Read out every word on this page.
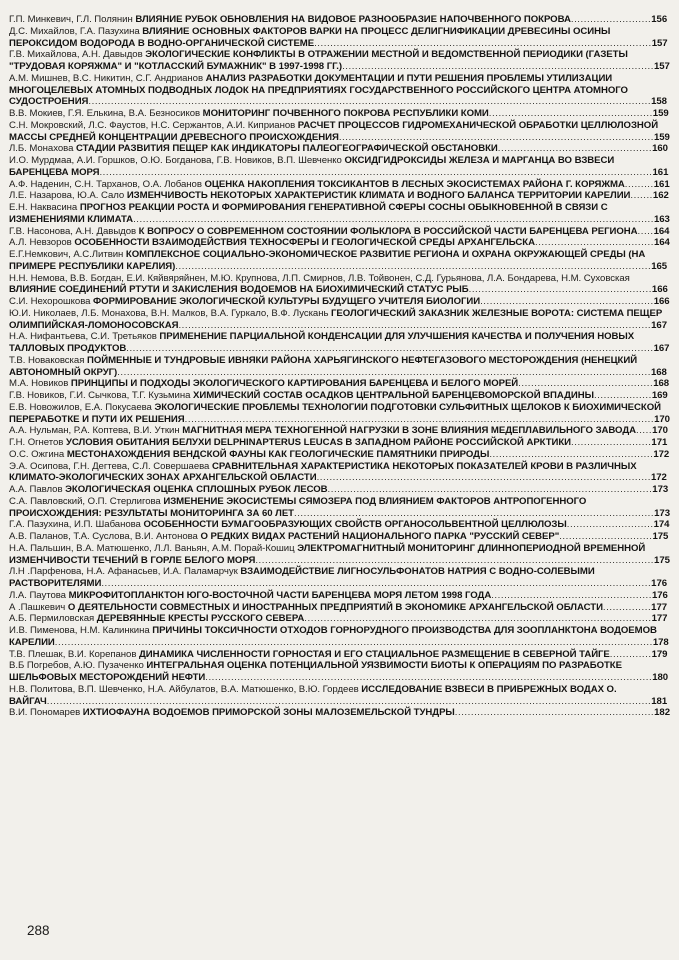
Г.П. Минкевич, Г.Л. Полянин ВЛИЯНИЕ РУБОК ОБНОВЛЕНИЯ НА ВИДОВОЕ РАЗНООБРАЗИЕ НАПОЧВЕННОГО ПОКРОВА.........................156
Д.С. Михайлов, Г.А. Пазухина ВЛИЯНИЕ ОСНОВНЫХ ФАКТОРОВ ВАРКИ НА ПРОЦЕСС ДЕЛИГНИФИКАЦИИ ДРЕВЕСИНЫ ОСИНЫ ПЕРОКСИДОМ ВОДОРОДА В ВОДНО-ОРГАНИЧЕСКОЙ СИСТЕМЕ.........................................................................................................157
Г.В. Михайлова, А.Н. Давыдов ЭКОЛОГИЧЕСКИЕ КОНФЛИКТЫ В ОТРАЖЕНИИ МЕСТНОЙ И ВЕДОМСТВЕННОЙ ПЕРИОДИКИ (ГАЗЕТЫ "ТРУДОВАЯ КОРЯЖМА" И "КОТЛАССКИЙ БУМАЖНИК" В 1997-1998 ГГ.).................................................................................................157
А.М. Мишнев, В.С. Никитин, С.Г. Андрианов АНАЛИЗ РАЗРАБОТКИ ДОКУМЕНТАЦИИ И ПУТИ РЕШЕНИЯ ПРОБЛЕМЫ УТИЛИЗАЦИИ МНОГОЦЕЛЕВЫХ АТОМНЫХ ПОДВОДНЫХ ЛОДОК НА ПРЕДПРИЯТИЯХ ГОСУДАРСТВЕННОГО РОССИЙСКОГО ЦЕНТРА АТОМНОГО СУДОСТРОЕНИЯ...............................................................................................................................................................................158
В.В. Мокиев, Г.Я. Елькина, В.А. Безносиков МОНИТОРИНГ ПОЧВЕННОГО ПОКРОВА РЕСПУБЛИКИ КОМИ...................................................159
С.Н. Мокровский, Л.С. Фаустов, Н.С. Сержантов, А.И. Киприанов РАСЧЕТ ПРОЦЕССОВ ГИДРОМЕХАНИЧЕСКОЙ ОБРАБОТКИ ЦЕЛЛЮЛОЗНОЙ МАССЫ СРЕДНЕЙ КОНЦЕНТРАЦИИ ДРЕВЕСНОГО ПРОИСХОЖДЕНИЯ..................................................................................................159
Л.Б. Монахова СТАДИИ РАЗВИТИЯ ПЕЩЕР КАК ИНДИКАТОРЫ ПАЛЕОГЕОГРАФИЧЕСКОЙ ОБСТАНОВКИ................................................160
И.О. Мурдмаа, А.И. Горшков, О.Ю. Богданова, Г.В. Новиков, В.П. Шевченко ОКСИДГИДРОКСИДЫ ЖЕЛЕЗА И МАРГАНЦА ВО ВЗВЕСИ БАРЕНЦЕВА МОРЯ............................................................................................................................................................................161
А.Ф. Наденин, С.Н. Тарханов, О.А. Лобанов ОЦЕНКА НАКОПЛЕНИЯ ТОКСИКАНТОВ В ЛЕСНЫХ ЭКОСИСТЕМАХ РАЙОНА Г. КОРЯЖМА.........161
Л.Е. Назарова, Ю.А. Сало ИЗМЕНЧИВОСТЬ НЕКОТОРЫХ ХАРАКТЕРИСТИК КЛИМАТА И ВОДНОГО БАЛАНСА ТЕРРИТОРИИ КАРЕЛИИ.......162
Е.Н. Наквасина ПРОГНОЗ РЕАКЦИИ РОСТА И ФОРМИРОВАНИЯ ГЕНЕРАТИВНОЙ СФЕРЫ СОСНЫ ОБЫКНОВЕННОЙ В СВЯЗИ С ИЗМЕНЕНИЯМИ КЛИМАТА..................................................................................................................................................................163
Г.В. Насонова, А.Н. Давыдов К ВОПРОСУ О СОВРЕМЕННОМ СОСТОЯНИИ ФОЛЬКЛОРА В РОССИЙСКОЙ ЧАСТИ БАРЕНЦЕВА РЕГИОНА.....164
А.Л. Невзоров ОСОБЕННОСТИ ВЗАИМОДЕЙСТВИЯ ТЕХНОСФЕРЫ И ГЕОЛОГИЧЕСКОЙ СРЕДЫ АРХАНГЕЛЬСКА.....................................164
Е.Г.Немкович, А.С.Литвин КОМПЛЕКСНОЕ СОЦИАЛЬНО-ЭКОНОМИЧЕСКОЕ РАЗВИТИЕ РЕГИОНА И ОХРАНА ОКРУЖАЮЩЕЙ СРЕДЫ (НА ПРИМЕРЕ РЕСПУБЛИКИ КАРЕЛИЯ)....................................................................................................................................................165
Н.Н. Немова, В.В. Богдан, Е.И. Кяйвяряйнен, М.Ю. Крупнова, Л.П. Смирнов, Л.В. Тойвонен, С.Д. Гурьянова, Л.А. Бондарева, Н.М. Суховская ВЛИЯНИЕ СОЕДИНЕНИЙ РТУТИ И ЗАКИСЛЕНИЯ ВОДОЕМОВ НА БИОХИМИЧЕСКИЙ СТАТУС РЫБ.........................................................166
С.И. Нехорошкова ФОРМИРОВАНИЕ ЭКОЛОГИЧЕСКОЙ КУЛЬТУРЫ БУДУЩЕГО УЧИТЕЛЯ БИОЛОГИИ......................................................166
Ю.И. Николаев, Л.Б. Монахова, В.Н. Малков, В.А. Гуркало, В.Ф. Лускань ГЕОЛОГИЧЕСКИЙ ЗАКАЗНИК ЖЕЛЕЗНЫЕ ВОРОТА: СИСТЕМА ПЕЩЕР ОЛИМПИЙСКАЯ-ЛОМОНОСОВСКАЯ...................................................................................................................................................167
Н.А. Нифантьева, С.И. Третьяков ПРИМЕНЕНИЕ ПАРЦИАЛЬНОЙ КОНДЕНСАЦИИ ДЛЯ УЛУЧШЕНИЯ КАЧЕСТВА И ПОЛУЧЕНИЯ НОВЫХ ТАЛЛОВЫХ ПРОДУКТОВ....................................................................................................................................................................167
Т.В. Новаковская ПОЙМЕННЫЕ И ТУНДРОВЫЕ ИВНЯКИ РАЙОНА ХАРЬЯГИНСКОГО НЕФТЕГАЗОВОГО МЕСТОРОЖДЕНИЯ (НЕНЕЦКИЙ АВТОНОМНЫЙ ОКРУГ)......................................................................................................................................................................168
М.А. Новиков ПРИНЦИПЫ И ПОДХОДЫ ЭКОЛОГИЧЕСКОГО КАРТИРОВАНИЯ БАРЕНЦЕВА И БЕЛОГО МОРЕЙ..........................................168
Г.В. Новиков, Г.И. Сычкова, Т.Г. Кузьмина ХИМИЧЕСКИЙ СОСТАВ ОСАДКОВ ЦЕНТРАЛЬНОЙ БАРЕНЦЕВОМОРСКОЙ ВПАДИНЫ..................169
Е.В. Новожилов, Е.А. Покусаева ЭКОЛОГИЧЕСКИЕ ПРОБЛЕМЫ ТЕХНОЛОГИИ ПОДГОТОВКИ СУЛЬФИТНЫХ ЩЕЛОКОВ К БИОХИМИЧЕСКОЙ ПЕРЕРАБОТКЕ И ПУТИ ИХ РЕШЕНИЯ..................................................................................................................................................170
А.А. Нульман, Р.А. Коптева, В.И. Уткин МАГНИТНАЯ МЕРА ТЕХНОГЕННОЙ НАГРУЗКИ В ЗОНЕ ВЛИЯНИЯ МЕДЕПЛАВИЛЬНОГО ЗАВОДА.....170
Г.Н. Огнетов УСЛОВИЯ ОБИТАНИЯ БЕЛУХИ DELPHINAPTERUS LEUCAS В ЗАПАДНОМ РАЙОНЕ РОССИЙСКОЙ АРКТИКИ.........................171
О.С. Ожгина МЕСТОНАХОЖДЕНИЯ ВЕНДСКОЙ ФАУНЫ КАК ГЕОЛОГИЧЕСКИЕ ПАМЯТНИКИ ПРИРОДЫ...................................................172
Э.А. Осипова, Г.Н. Дегтева, С.Л. Совершаева СРАВНИТЕЛЬНАЯ ХАРАКТЕРИСТИКА НЕКОТОРЫХ ПОКАЗАТЕЛЕЙ КРОВИ В РАЗЛИЧНЫХ КЛИМАТО-ЭКОЛОГИЧЕСКИХ ЗОНАХ АРХАНГЕЛЬСКОЙ ОБЛАСТИ........................................................................................................172
А.А. Павлов ЭКОЛОГИЧЕСКАЯ ОЦЕНКА СПЛОШНЫХ РУБОК ЛЕСОВ.....................................................................................................173
С.А. Павловский, О.П. Стерлигова ИЗМЕНЕНИЕ ЭКОСИСТЕМЫ СЯМОЗЕРА ПОД ВЛИЯНИЕМ ФАКТОРОВ АНТРОПОГЕННОГО ПРОИСХОЖДЕНИЯ: РЕЗУЛЬТАТЫ МОНИТОРИНГА ЗА 60 ЛЕТ................................................................................................................173
Г.А. Пазухина, И.П. Шабанова ОСОБЕННОСТИ БУМАГООБРАЗУЮЩИХ СВОЙСТВ ОРГАНОСОЛЬВЕНТНОЙ ЦЕЛЛЮЛОЗЫ...........................174
А.В. Паланов, Т.А. Суслова, В.И. Антонова О РЕДКИХ ВИДАХ РАСТЕНИЙ НАЦИОНАЛЬНОГО ПАРКА "РУССКИЙ СЕВЕР".............................175
Н.А. Пальшин, В.А. Матюшенко, Л.Л. Ваньян, А.М. Порай-Кошиц ЭЛЕКТРОМАГНИТНЫЙ МОНИТОРИНГ ДЛИННОПЕРИОДНОЙ ВРЕМЕННОЙ ИЗМЕНЧИВОСТИ ТЕЧЕНИЙ В ГОРЛЕ БЕЛОГО МОРЯ............................................................................................................................175
Л.Н .Парфенова, Н.А. Афанасьев, И.А. Паламарчук ВЗАИМОДЕЙСТВИЕ ЛИГНОСУЛЬФОНАТОВ НАТРИЯ С ВОДНО-СОЛЕВЫМИ РАСТВОРИТЕЛЯМИ...........................................................................................................................................................................176
Л.А. Паутова МИКРОФИТОПЛАНКТОН ЮГО-ВОСТОЧНОЙ ЧАСТИ БАРЕНЦЕВА МОРЯ ЛЕТОМ 1998 ГОДА..................................................176
А .Пашкевич О ДЕЯТЕЛЬНОСТИ СОВМЕСТНЫХ И ИНОСТРАННЫХ ПРЕДПРИЯТИЙ В ЭКОНОМИКЕ АРХАНГЕЛЬСКОЙ ОБЛАСТИ...............177
А.Б. Пермиловская ДЕРЕВЯННЫЕ КРЕСТЫ РУССКОГО СЕВЕРА............................................................................................................177
И.В. Пименова, Н.М. Калинкина ПРИЧИНЫ ТОКСИЧНОСТИ ОТХОДОВ ГОРНОРУДНОГО ПРОИЗВОДСТВА ДЛЯ ЗООПЛАНКТОНА ВОДОЕМОВ КАРЕЛИИ..........................................................................................................................................................................................178
Т.В. Плешак, В.И. Корепанов ДИНАМИКА ЧИСЛЕННОСТИ ГОРНОСТАЯ И ЕГО СТАЦИАЛЬНОЕ РАЗМЕЩЕНИЕ В СЕВЕРНОЙ ТАЙГЕ.............179
В.Б Погребов, А.Ю. Пузаченко ИНТЕГРАЛЬНАЯ ОЦЕНКА ПОТЕНЦИАЛЬНОЙ УЯЗВИМОСТИ БИОТЫ К ОПЕРАЦИЯМ ПО РАЗРАБОТКЕ ШЕЛЬФОВЫХ МЕСТОРОЖДЕНИЙ НЕФТИ...........................................................................................................................................180
Н.В. Политова, В.П. Шевченко, Н.А. Айбулатов, В.А. Матюшенко, В.Ю. Гордеев ИССЛЕДОВАНИЕ ВЗВЕСИ В ПРИБРЕЖНЫХ ВОДАХ О. ВАЙГАЧ............................................................................................................................................................................................181
В.И. Пономарев ИХТИОФАУНА ВОДОЕМОВ ПРИМОРСКОЙ ЗОНЫ МАЛОЗЕМЕЛЬСКОЙ ТУНДРЫ..............................................................182
288
